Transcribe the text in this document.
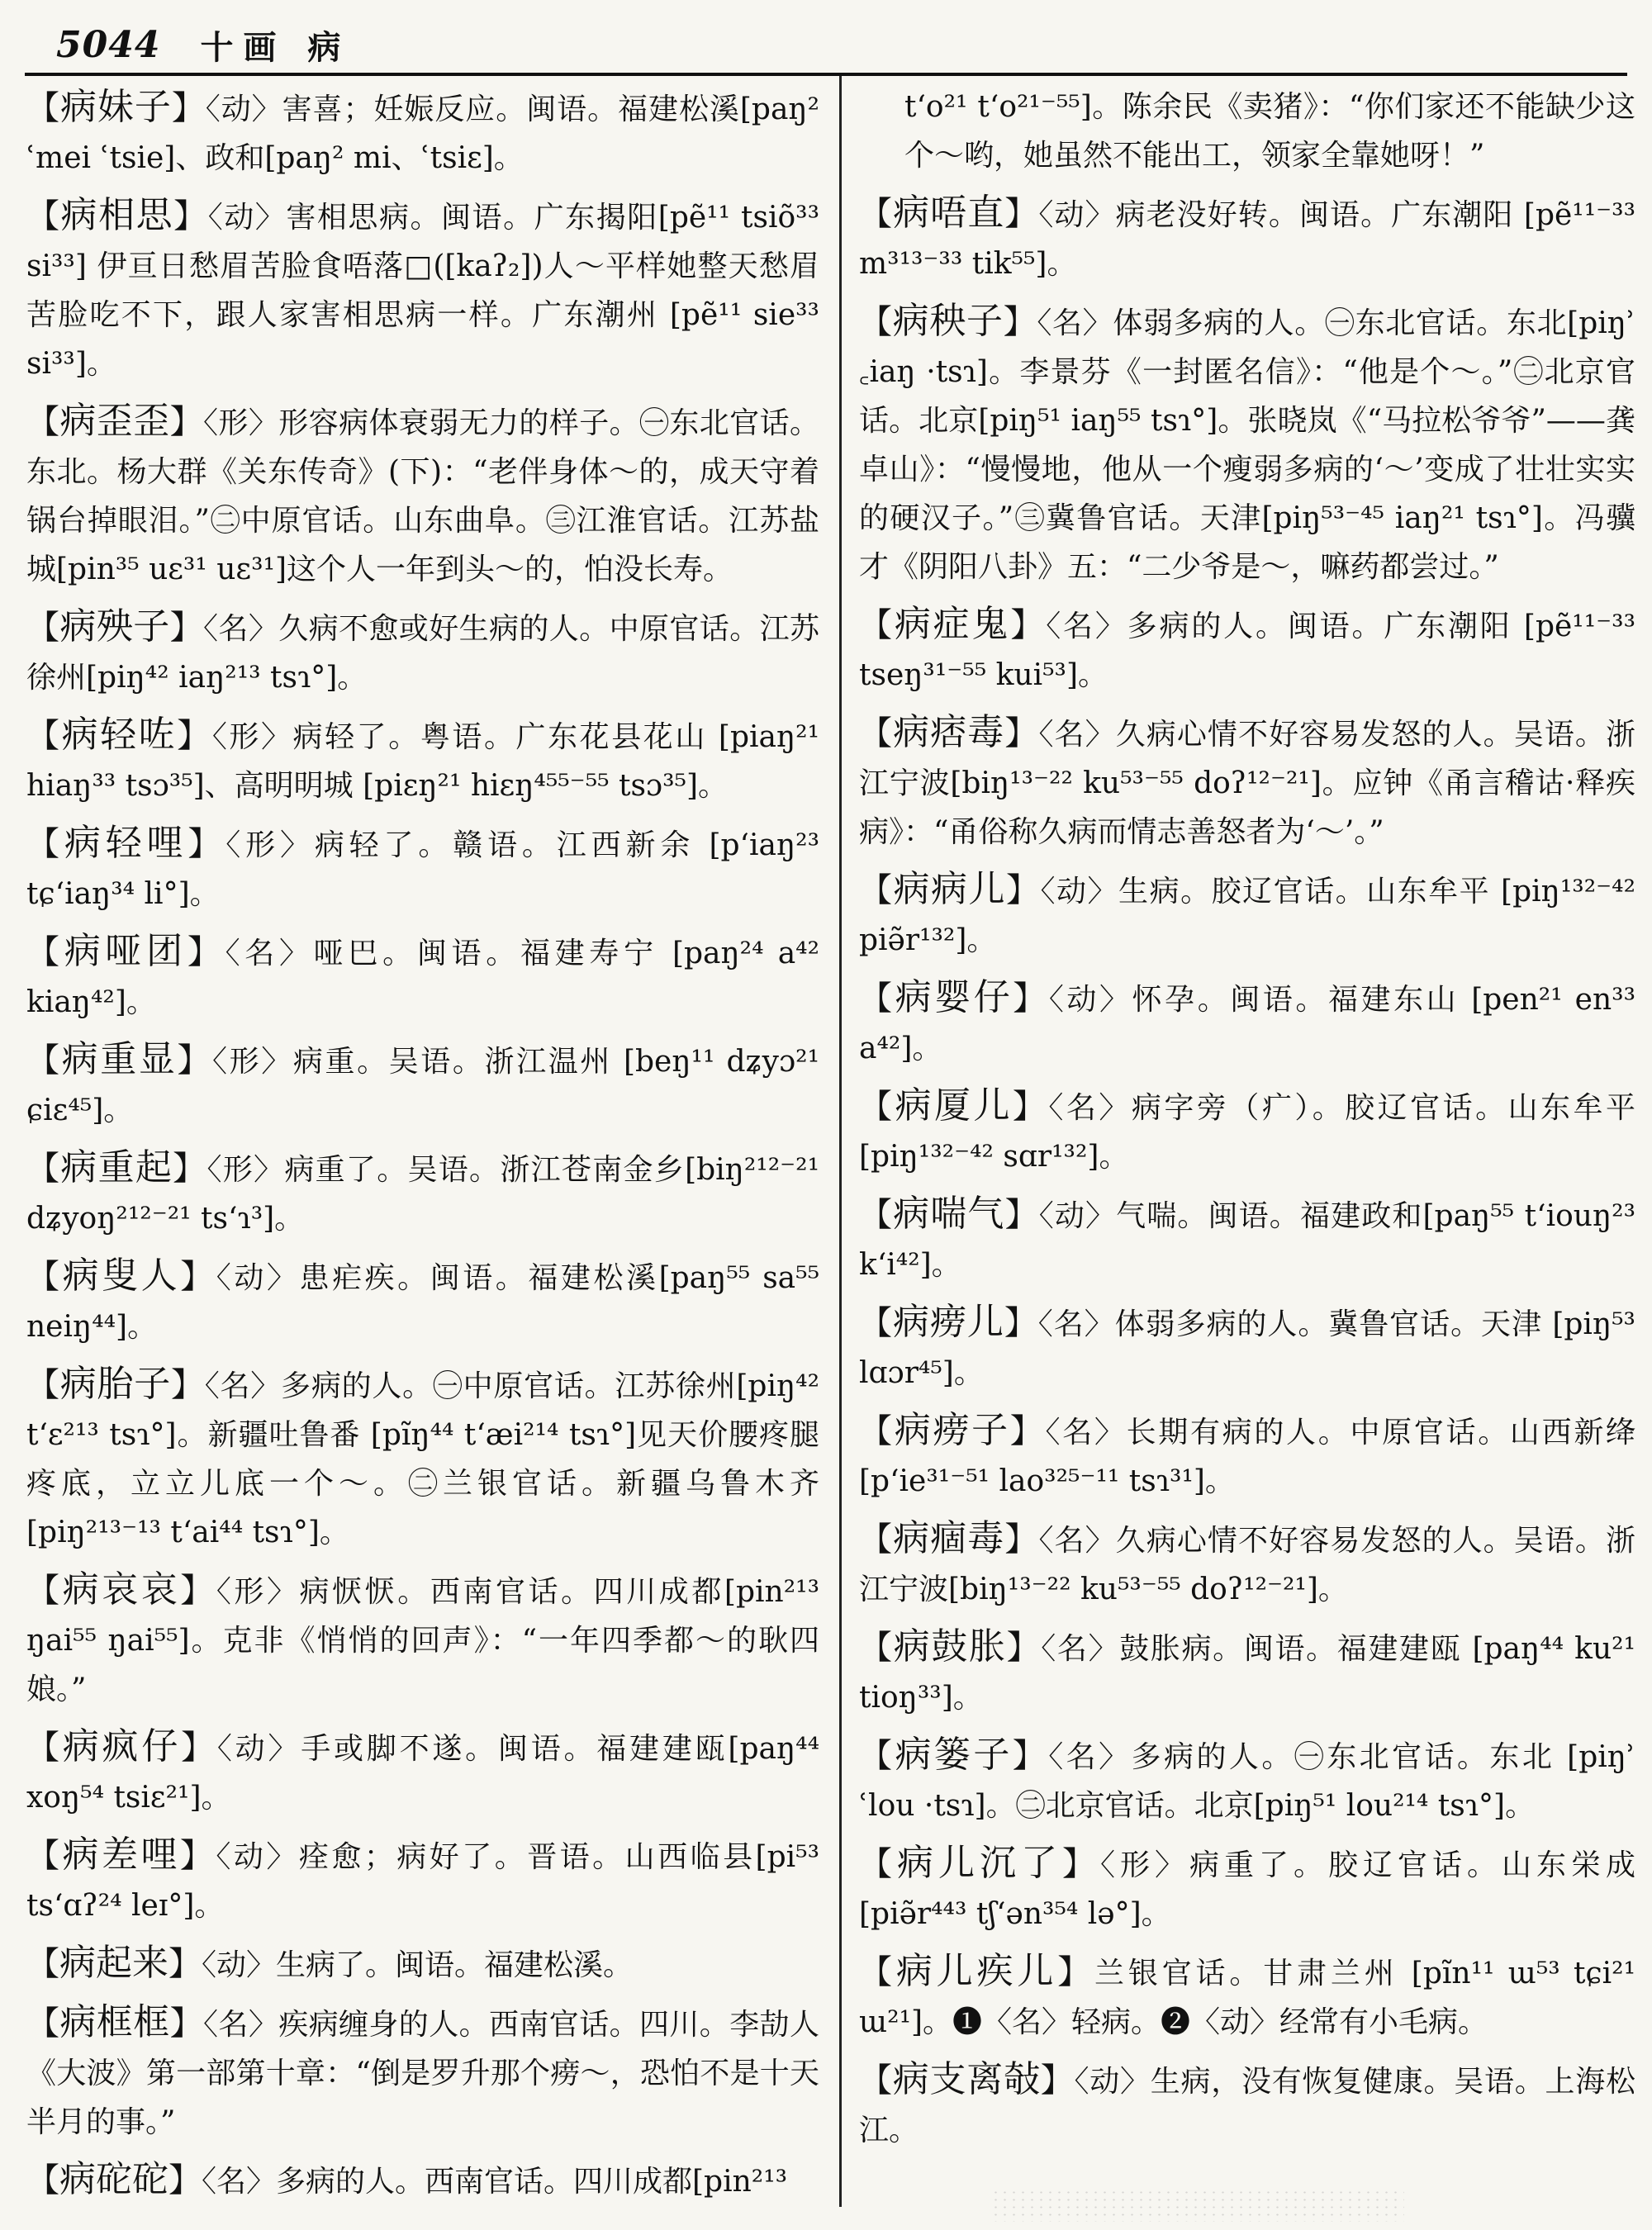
5044 十画 病

【病妹子】〈动〉害喜；妊娠反应。闽语。福建松溪[paŋ² ʿmei ʿtsie]、政和[paŋ² mi、ʿtsiɛ]。

【病相思】〈动〉害相思病。闽语。广东揭阳[pẽ¹¹ tsiõ³³ si³³] 伊亘日愁眉苦脸食唔落□([kaʔ₂])人～平样她整天愁眉苦脸吃不下，跟人家害相思病一样。广东潮州 [pẽ¹¹ sie³³ si³³]。

【病歪歪】〈形〉形容病体衰弱无力的样子。㊀东北官话。东北。杨大群《关东传奇》(下)：“老伴身体～的，成天守着锅台掉眼泪。”㊁中原官话。山东曲阜。㊂江淮官话。江苏盐城[pin³⁵ uɛ³¹ uɛ³¹]这个人一年到头～的，怕没长寿。

【病殃子】〈名〉久病不愈或好生病的人。中原官话。江苏徐州[piŋ⁴² iaŋ²¹³ tsɿ°]。

【病轻咗】〈形〉病轻了。粤语。广东花县花山 [piaŋ²¹ hiaŋ³³ tsɔ³⁵]、高明明城 [piɛŋ²¹ hiɛŋ⁴⁵⁵⁻⁵⁵ tsɔ³⁵]。

【病轻哩】〈形〉病轻了。赣语。江西新余 [pʻiaŋ²³ tɕʻiaŋ³⁴ li°]。

【病哑团】〈名〉哑巴。闽语。福建寿宁 [paŋ²⁴ a⁴² kiaŋ⁴²]。

【病重显】〈形〉病重。吴语。浙江温州 [beŋ¹¹ dʑyɔ²¹ ɕiɛ⁴⁵]。

【病重起】〈形〉病重了。吴语。浙江苍南金乡[biŋ²¹²⁻²¹ dʑyoŋ²¹²⁻²¹ tsʻɿ³]。

【病叟人】〈动〉患疟疾。闽语。福建松溪[paŋ⁵⁵ sa⁵⁵ neiŋ⁴⁴]。

【病胎子】〈名〉多病的人。㊀中原官话。江苏徐州[piŋ⁴² tʻɛ²¹³ tsɿ°]。新疆吐鲁番 [pĩŋ⁴⁴ tʻæi²¹⁴ tsɿ°]见天价腰疼腿疼底，立立儿底一个～。㊁兰银官话。新疆乌鲁木齐 [piŋ²¹³⁻¹³ tʻai⁴⁴ tsɿ°]。

【病哀哀】〈形〉病恹恹。西南官话。四川成都[pin²¹³ ŋai⁵⁵ ŋai⁵⁵]。克非《悄悄的回声》：“一年四季都～的耿四娘。”

【病疯仔】〈动〉手或脚不遂。闽语。福建建瓯[paŋ⁴⁴ xoŋ⁵⁴ tsiɛ²¹]。

【病差哩】〈动〉痊愈；病好了。晋语。山西临县[pi⁵³ tsʻɑʔ²⁴ leɪ°]。

【病起来】〈动〉生病了。闽语。福建松溪。

【病框框】〈名〉疾病缠身的人。西南官话。四川。李劼人《大波》第一部第十章：“倒是罗升那个痨～，恐怕不是十天半月的事。”

【病砣砣】〈名〉多病的人。西南官话。四川成都[pin²¹³

tʻo²¹ tʻo²¹⁻⁵⁵]。陈余民《卖猪》：“你们家还不能缺少这个～哟，她虽然不能出工，领家全靠她呀！”

【病唔直】〈动〉病老没好转。闽语。广东潮阳 [pẽ¹¹⁻³³ m³¹³⁻³³ tik⁵⁵]。

【病秧子】〈名〉体弱多病的人。㊀东北官话。东北[piŋʾ ꜀iaŋ ·tsɿ]。李景芬《一封匿名信》：“他是个～。”㊁北京官话。北京[piŋ⁵¹ iaŋ⁵⁵ tsɿ°]。张晓岚《“马拉松爷爷”——龚卓山》：“慢慢地，他从一个瘦弱多病的‘～’变成了壮壮实实的硬汉子。”㊂冀鲁官话。天津[piŋ⁵³⁻⁴⁵ iaŋ²¹ tsɿ°]。冯骥才《阴阳八卦》五：“二少爷是～，嘛药都尝过。”

【病症鬼】〈名〉多病的人。闽语。广东潮阳 [pẽ¹¹⁻³³ tseŋ³¹⁻⁵⁵ kui⁵³]。

【病痞毒】〈名〉久病心情不好容易发怒的人。吴语。浙江宁波[biŋ¹³⁻²² ku⁵³⁻⁵⁵ doʔ¹²⁻²¹]。应钟《甬言稽诂·释疾病》：“甬俗称久病而情志善怒者为‘～’。”

【病病儿】〈动〉生病。胶辽官话。山东牟平 [piŋ¹³²⁻⁴² piə̃r¹³²]。

【病婴仔】〈动〉怀孕。闽语。福建东山 [pen²¹ en³³ a⁴²]。

【病厦儿】〈名〉病字旁（疒）。胶辽官话。山东牟平 [piŋ¹³²⁻⁴² sɑr¹³²]。

【病喘气】〈动〉气喘。闽语。福建政和[paŋ⁵⁵ tʻiouŋ²³ kʻi⁴²]。

【病痨儿】〈名〉体弱多病的人。冀鲁官话。天津 [piŋ⁵³ lɑɔr⁴⁵]。

【病痨子】〈名〉长期有病的人。中原官话。山西新绛 [pʻie³¹⁻⁵¹ lao³²⁵⁻¹¹ tsɿ³¹]。

【病痼毒】〈名〉久病心情不好容易发怒的人。吴语。浙江宁波[biŋ¹³⁻²² ku⁵³⁻⁵⁵ doʔ¹²⁻²¹]。

【病鼓胀】〈名〉鼓胀病。闽语。福建建瓯 [paŋ⁴⁴ ku²¹ tioŋ³³]。

【病篓子】〈名〉多病的人。㊀东北官话。东北 [piŋʾ ʿlou ·tsɿ]。㊁北京官话。北京[piŋ⁵¹ lou²¹⁴ tsɿ°]。

【病儿沉了】〈形〉病重了。胶辽官话。山东栄成 [piə̃r⁴⁴³ tʃʻən³⁵⁴ lə°]。

【病儿疾儿】兰银官话。甘肃兰州 [pĩn¹¹ ɯ⁵³ tɕi²¹ ɯ²¹]。❶〈名〉轻病。❷〈动〉经常有小毛病。

【病支离敧】〈动〉生病，没有恢复健康。吴语。上海松江。
